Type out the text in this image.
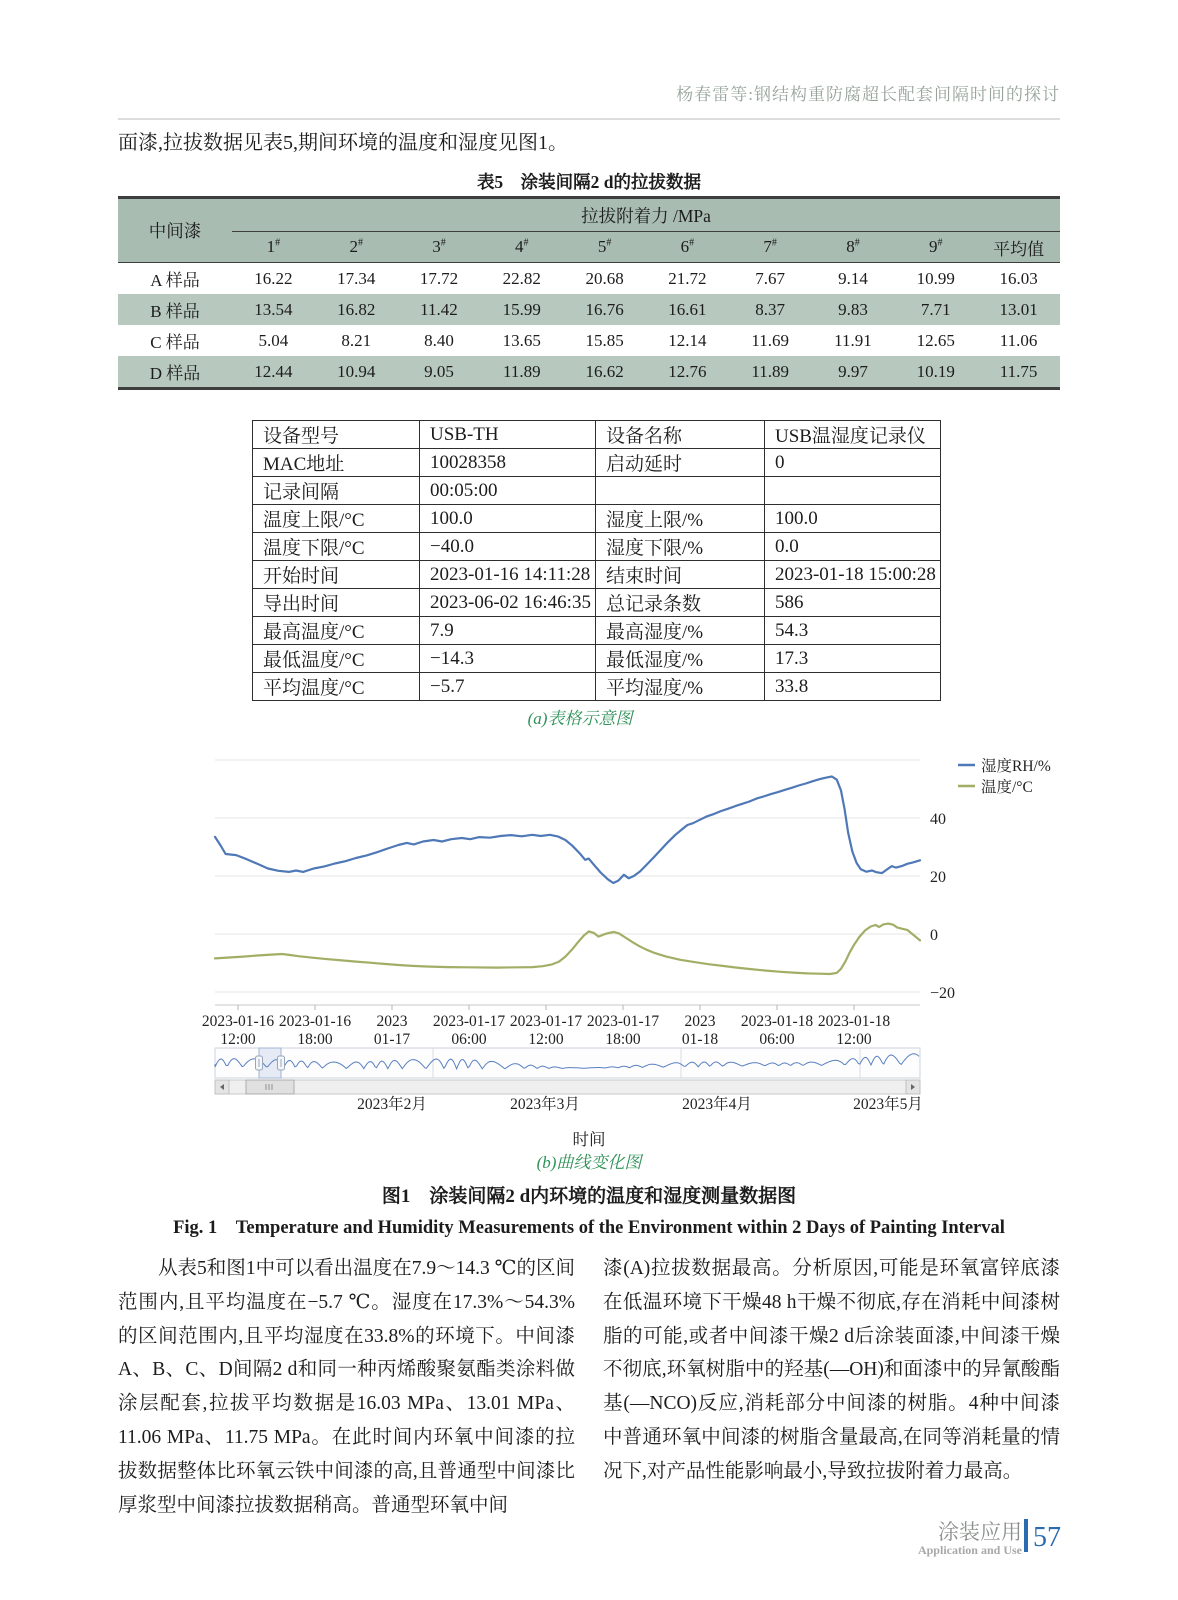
杨春雷等:钢结构重防腐超长配套间隔时间的探讨

面漆,拉拔数据见表5,期间环境的温度和湿度见图1。

表5　涂装间隔2 d的拉拔数据
中间漆	拉拔附着力 /MPa									
	1#	2#	3#	4#	5#	6#	7#	8#	9#	平均值
A 样品	16.22	17.34	17.72	22.82	20.68	21.72	7.67	9.14	10.99	16.03
B 样品	13.54	16.82	11.42	15.99	16.76	16.61	8.37	9.83	7.71	13.01
C 样品	5.04	8.21	8.40	13.65	15.85	12.14	11.69	11.91	12.65	11.06
D 样品	12.44	10.94	9.05	11.89	16.62	12.76	11.89	9.97	10.19	11.75
设备型号	USB-TH	设备名称	USB温湿度记录仪
MAC地址	10028358	启动延时	0
记录间隔	00:05:00		
温度上限/°C	100.0	湿度上限/%	100.0
温度下限/°C	−40.0	湿度下限/%	0.0
开始时间	2023-01-16 14:11:28	结束时间	2023-01-18 15:00:28
导出时间	2023-06-02 16:46:35	总记录条数	586
最高温度/°C	7.9	最高湿度/%	54.3
最低温度/°C	−14.3	最低湿度/%	17.3
平均温度/°C	−5.7	平均湿度/%	33.8
(a)表格示意图
40
20
0
−20
2023-01-16 12:00
2023-01-16 18:00
2023 01-17
2023-01-17 06:00
2023-01-17 12:00
2023-01-17 18:00
2023 01-18
2023-01-18 06:00
2023-01-18 12:00
湿度RH/%
温度/°C
2023年2月	2023年3月	2023年4月	2023年5月
时间
(b)曲线变化图
图1　涂装间隔2 d内环境的温度和湿度测量数据图
Fig. 1　Temperature and Humidity Measurements of the Environment within 2 Days of Painting Interval

从表5和图1中可以看出温度在7.9～14.3 ℃的区间范围内,且平均温度在−5.7 ℃。湿度在17.3%～54.3%的区间范围内,且平均湿度在33.8%的环境下。中间漆A、B、C、D间隔2 d和同一种丙烯酸聚氨酯类涂料做涂层配套,拉拔平均数据是16.03 MPa、13.01 MPa、11.06 MPa、11.75 MPa。在此时间内环氧中间漆的拉拔数据整体比环氧云铁中间漆的高,且普通型中间漆比厚浆型中间漆拉拔数据稍高。普通型环氧中间

漆(A)拉拔数据最高。分析原因,可能是环氧富锌底漆在低温环境下干燥48 h干燥不彻底,存在消耗中间漆树脂的可能,或者中间漆干燥2 d后涂装面漆,中间漆干燥不彻底,环氧树脂中的羟基(—OH)和面漆中的异氰酸酯基(—NCO)反应,消耗部分中间漆的树脂。4种中间漆中普通环氧中间漆的树脂含量最高,在同等消耗量的情况下,对产品性能影响最小,导致拉拔附着力最高。

涂装应用
Application and Use 57
